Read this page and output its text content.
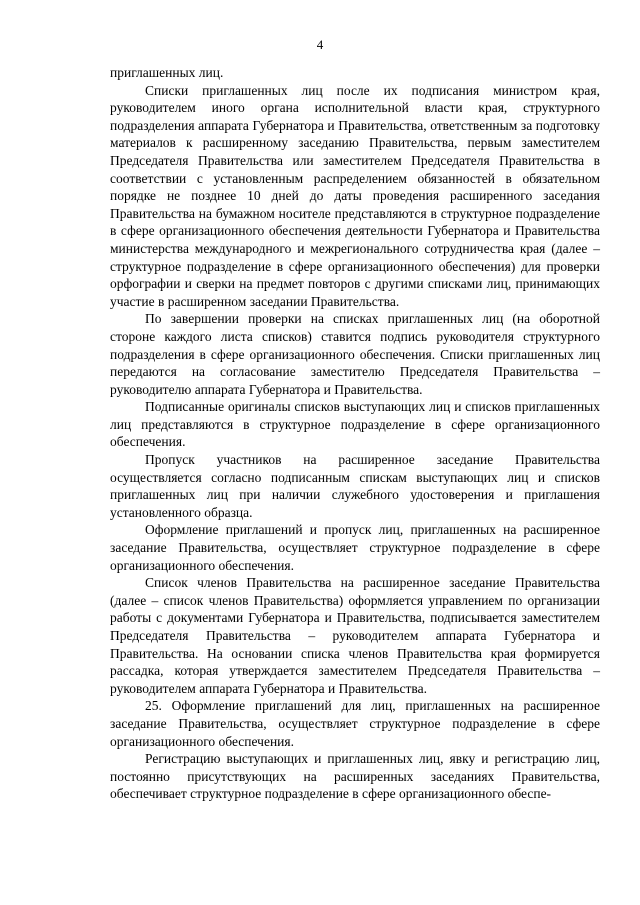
4

приглашенных лиц.

Списки приглашенных лиц после их подписания министром края, руководителем иного органа исполнительной власти края, структурного подразделения аппарата Губернатора и Правительства, ответственным за подготовку материалов к расширенному заседанию Правительства, первым заместителем Председателя Правительства или заместителем Председателя Правительства в соответствии с установленным распределением обязанностей в обязательном порядке не позднее 10 дней до даты проведения расширенного заседания Правительства на бумажном носителе представляются в структурное подразделение в сфере организационного обеспечения деятельности Губернатора и Правительства министерства международного и межрегионального сотрудничества края (далее – структурное подразделение в сфере организационного обеспечения) для проверки орфографии и сверки на предмет повторов с другими списками лиц, принимающих участие в расширенном заседании Правительства.

По завершении проверки на списках приглашенных лиц (на оборотной стороне каждого листа списков) ставится подпись руководителя структурного подразделения в сфере организационного обеспечения. Списки приглашенных лиц передаются на согласование заместителю Председателя Правительства – руководителю аппарата Губернатора и Правительства.

Подписанные оригиналы списков выступающих лиц и списков приглашенных лиц представляются в структурное подразделение в сфере организационного обеспечения.

Пропуск участников на расширенное заседание Правительства осуществляется согласно подписанным спискам выступающих лиц и списков приглашенных лиц при наличии служебного удостоверения и приглашения установленного образца.

Оформление приглашений и пропуск лиц, приглашенных на расширенное заседание Правительства, осуществляет структурное подразделение в сфере организационного обеспечения.

Список членов Правительства на расширенное заседание Правительства (далее – список членов Правительства) оформляется управлением по организации работы с документами Губернатора и Правительства, подписывается заместителем Председателя Правительства – руководителем аппарата Губернатора и Правительства. На основании списка членов Правительства края формируется рассадка, которая утверждается заместителем Председателя Правительства – руководителем аппарата Губернатора и Правительства.

25. Оформление приглашений для лиц, приглашенных на расширенное заседание Правительства, осуществляет структурное подразделение в сфере организационного обеспечения.

Регистрацию выступающих и приглашенных лиц, явку и регистрацию лиц, постоянно присутствующих на расширенных заседаниях Правительства, обеспечивает структурное подразделение в сфере организационного обеспе-
